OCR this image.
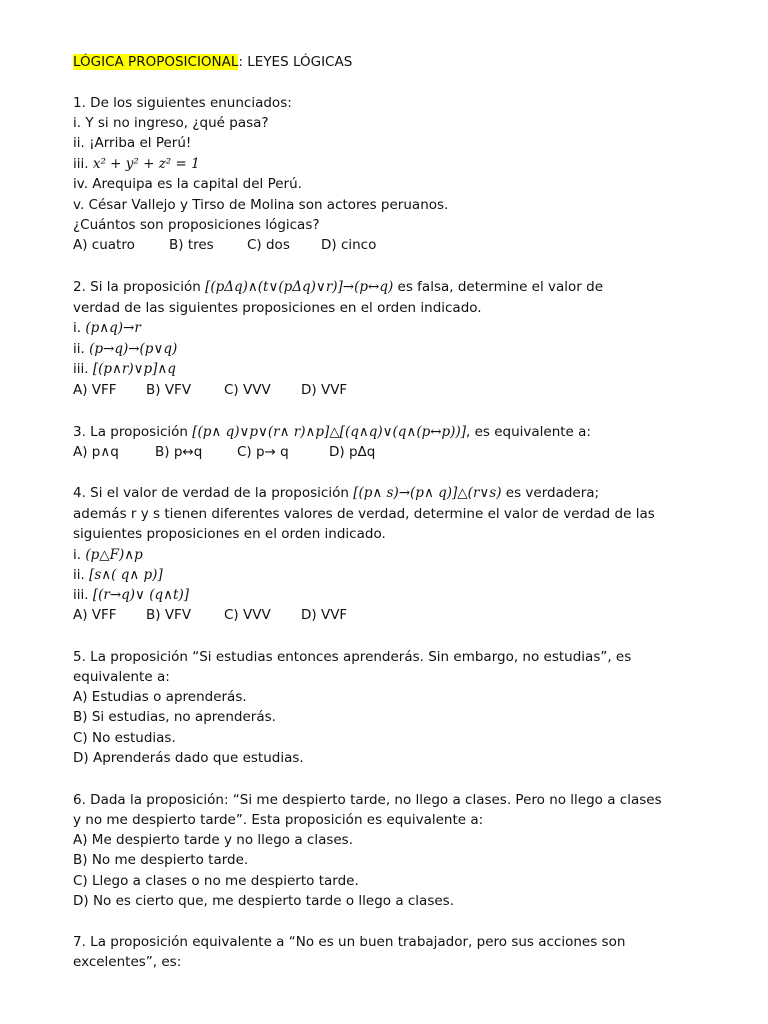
LÓGICA PROPOSICIONAL: LEYES LÓGICAS
1. De los siguientes enunciados:
i. Y si no ingreso, ¿qué pasa?
ii. ¡Arriba el Perú!
iii. x² + y² + z² = 1
iv. Arequipa es la capital del Perú.
v. César Vallejo y Tirso de Molina son actores peruanos.
¿Cuántos son proposiciones lógicas?
A) cuatro	B) tres C) dos D) cinco
2. Si la proposición [(pΔq)∧(t∨(pΔq)∨r)]→(p↔q) es falsa, determine el valor de
verdad de las siguientes proposiciones en el orden indicado.
i. (p∧q)→r
ii. (p→q)→(p∨q)
iii. [(p∧r)∨p]∧q
A) VFF B) VFV C) VVV D) VVF
3. La proposición [(p∧ q)∨p∨(r∧ r)∧p]△[(q∧q)∨(q∧(p↔p))], es equivalente a:
A) p∧q	B) p↔q	C) p→ q	D) pΔq
4. Si el valor de verdad de la proposición [(p∧ s)→(p∧ q)]△(r∨s) es verdadera;
además r y s tienen diferentes valores de verdad, determine el valor de verdad de las
siguientes proposiciones en el orden indicado.
i. (p△F)∧p
ii. [s∧( q∧ p)]
iii. [(r→q)∨ (q∧t)]
A) VFF B) VFV C) VVV D) VVF
5. La proposición “Si estudias entonces aprenderás. Sin embargo, no estudias”, es
equivalente a:
A) Estudias o aprenderás.
B) Si estudias, no aprenderás.
C) No estudias.
D) Aprenderás dado que estudias.
6. Dada la proposición: “Si me despierto tarde, no llego a clases. Pero no llego a clases
y no me despierto tarde”. Esta proposición es equivalente a:
A) Me despierto tarde y no llego a clases.
B) No me despierto tarde.
C) Llego a clases o no me despierto tarde.
D) No es cierto que, me despierto tarde o llego a clases.
7. La proposición equivalente a “No es un buen trabajador, pero sus acciones son
excelentes”, es:
